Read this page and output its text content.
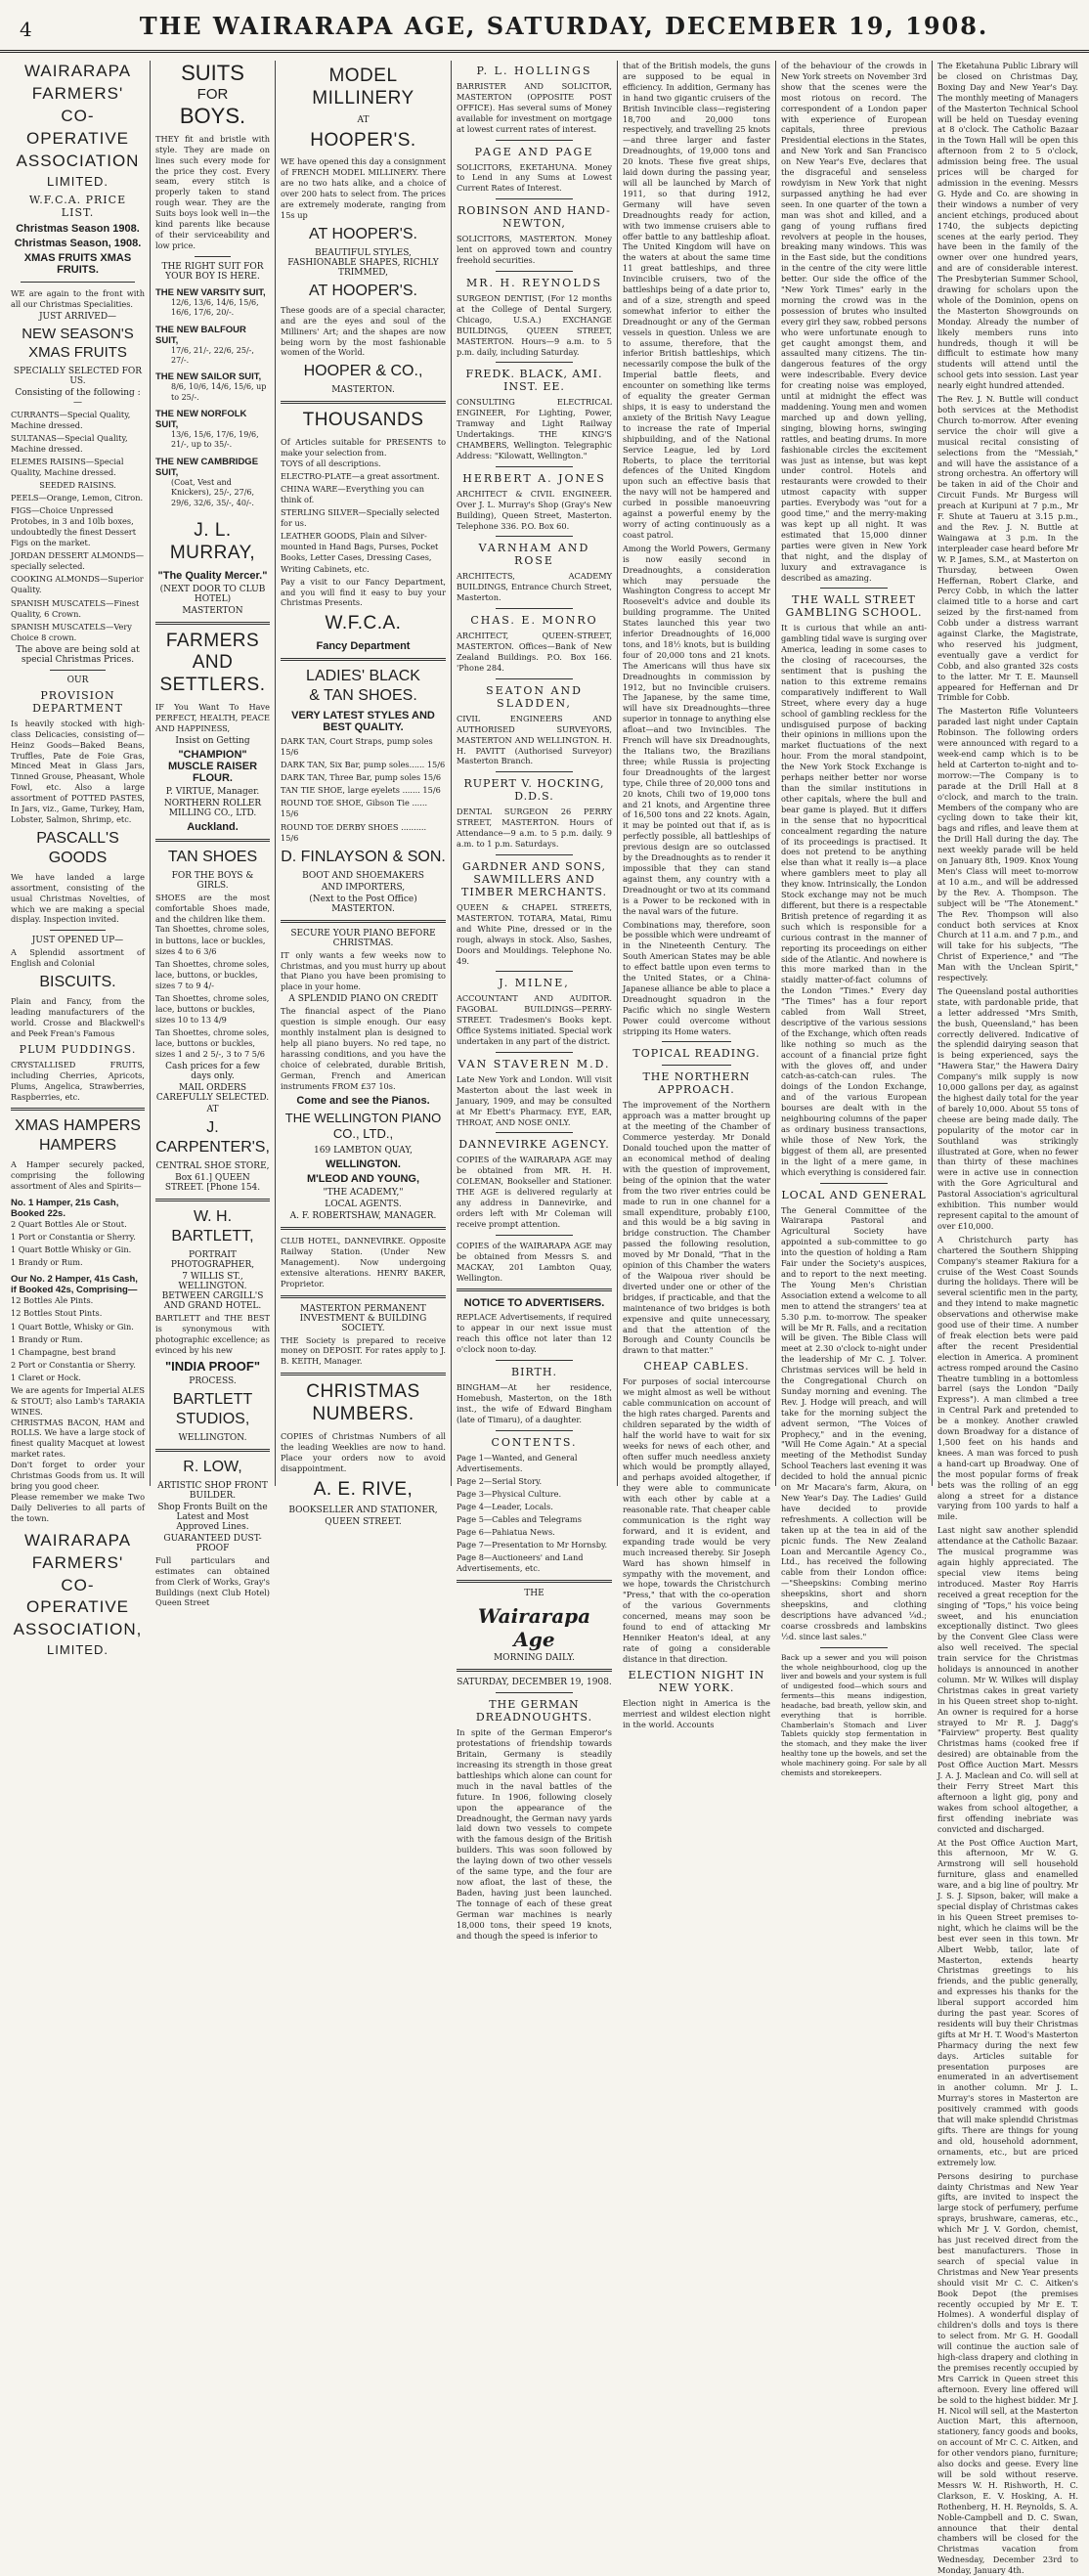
4	THE WAIRARAPA AGE, SATURDAY, DECEMBER 19, 1908.
WAIRARAPA
FARMERS'
CO-OPERATIVE
ASSOCIATION
LIMITED.
W.F.C.A. PRICE LIST.
Christmas Season 1908.
Christmas Season, 1908.
XMAS FRUITS XMAS FRUITS.
WE are again to the front with all our Christmas Specialities.
JUST ARRIVED—
NEW SEASON'S XMAS FRUITS
SPECIALLY SELECTED FOR US.
Consisting of the following :—
CURRANTS—Special Quality, Machine dressed.
SULTANAS—Special Quality, Machine dressed.
ELEMES RAISINS—Special Quality, Machine dressed.
SEEDED RAISINS.
PEELS—Orange, Lemon, Citron.
FIGS—Choice Unpressed Protobes, in 3 and 10lb boxes, undoubtedly the finest Dessert Figs on the market.
JORDAN DESSERT ALMONDS—specially selected.
COOKING ALMONDS—Superior Quality.
SPANISH MUSCATELS—Finest Quality, 6 Crown.
SPANISH MUSCATELS—Very Choice 8 crown.
The above are being sold at special Christmas Prices.
OUR
PROVISION DEPARTMENT
Is heavily stocked with high-class Delicacies, consisting of—Heinz Goods—Baked Beans, Truffles, Pate de Foie Gras, Minced Meat in Glass Jars, Tinned Grouse, Pheasant, Whole Fowl, etc. Also a large assortment of POTTED PASTES, In Jars, viz., Game, Turkey, Ham, Lobster, Salmon, Shrimp, etc.
PASCALL'S GOODS
We have landed a large assortment, consisting of the usual Christmas Novelties, of which we are making a special display. Inspection invited.
JUST OPENED UP—
A Splendid assortment of English and Colonial
BISCUITS.
Plain and Fancy, from the leading manufacturers of the world. Crosse and Blackwell's and Peek Frean's Famous
PLUM PUDDINGS.
CRYSTALLISED FRUITS, including Cherries, Apricots, Plums, Angelica, Strawberries, Raspberries, etc.
XMAS HAMPERS HAMPERS
A Hamper securely packed, comprising the following assortment of Ales and Spirits—
No. 1 Hamper, 21s Cash, Booked 22s.
2 Quart Bottles Ale or Stout.
1 Port or Constantia or Sherry.
1 Quart Bottle Whisky or Gin.
1 Brandy or Rum.
Our No. 2 Hamper, 41s Cash, if Booked 42s, Comprising—
12 Bottles Ale Pints.
12 Bottles Stout Pints.
1 Quart Bottle, Whisky or Gin.
1 Brandy or Rum.
1 Champagne, best brand
2 Port or Constantia or Sherry.
1 Claret or Hock.
We are agents for Imperial ALES & STOUT; also Lamb's TARAKIA WINES.
CHRISTMAS BACON, HAM and ROLLS. We have a large stock of finest quality Macquet at lowest market rates.
Don't forget to order your Christmas Goods from us. It will bring you good cheer.
Please remember we make Two Daily Deliveries to all parts of the town.
WAIRARAPA
FARMERS'
CO-OPERATIVE
ASSOCIATION,
LIMITED.
SUITS
FOR
BOYS.
THEY fit and bristle with style. They are made on lines such every mode for the price they cost. Every seam, every stitch is properly taken to stand rough wear. They are the Suits boys look well in—the kind parents like because of their serviceability and low price.
THE RIGHT SUIT FOR YOUR BOY IS HERE.
THE NEW VARSITY SUIT,
12/6, 13/6, 14/6, 15/6, 16/6, 17/6, 20/-.
THE NEW BALFOUR SUIT,
17/6, 21/-, 22/6, 25/-, 27/-.
THE NEW SAILOR SUIT,
8/6, 10/6, 14/6, 15/6, up to 25/-.
THE NEW NORFOLK SUIT,
13/6, 15/6, 17/6, 19/6, 21/-, up to 35/-.
THE NEW CAMBRIDGE SUIT,
(Coat, Vest and Knickers), 25/-, 27/6, 29/6, 32/6, 35/-, 40/-.
J. L. MURRAY,
"The Quality Mercer."
(NEXT DOOR TO CLUB HOTEL)
MASTERTON
FARMERS AND
SETTLERS.
IF You Want To Have PERFECT, HEALTH, PEACE AND HAPPINESS,
Insist on Getting
"CHAMPION" MUSCLE RAISER FLOUR.
P. VIRTUE, Manager.
NORTHERN ROLLER MILLING CO., LTD.
Auckland.
TAN SHOES
FOR THE BOYS & GIRLS.
SHOES are the most comfortable Shoes made, and the children like them.
Tan Shoettes, chrome soles, in buttons, lace or buckles, sizes 4 to 6 3/6
Tan Shoettes, chrome soles, lace, buttons, or buckles, sizes 7 to 9 4/-
Tan Shoettes, chrome soles, lace, buttons or buckles, sizes 10 to 13 4/9
Tan Shoettes, chrome soles, lace, buttons or buckles, sizes 1 and 2 5/-, 3 to 7 5/6
Cash prices for a few days only.
MAIL ORDERS CAREFULLY SELECTED.
AT
J. CARPENTER'S,
CENTRAL SHOE STORE,
Box 61.] QUEEN STREET. [Phone 154.
W. H. BARTLETT,
PORTRAIT PHOTOGRAPHER,
7 WILLIS ST., WELLINGTON. BETWEEN CARGILL'S AND GRAND HOTEL.
BARTLETT and THE BEST is synonymous with photographic excellence; as evinced by his new
"INDIA PROOF"
PROCESS.
BARTLETT
STUDIOS,
WELLINGTON.
R. LOW,
ARTISTIC SHOP FRONT BUILDER.
Shop Fronts Built on the Latest and Most Approved Lines.
GUARANTEED DUST-PROOF
Full particulars and estimates can obtained from Clerk of Works, Gray's Buildings (next Club Hotel) Queen Street
MODEL MILLINERY
AT
HOOPER'S.
WE have opened this day a consignment of FRENCH MODEL MILLINERY. There are no two hats alike, and a choice of over 200 hats to select from. The prices are extremely moderate, ranging from 15s up
AT HOOPER'S.
BEAUTIFUL STYLES, FASHIONABLE SHAPES, RICHLY TRIMMED,
AT HOOPER'S.
These goods are of a special character, and are the eyes and soul of the Milliners' Art; and the shapes are now being worn by the most fashionable women of the World.
HOOPER & CO.,
MASTERTON.
THOUSANDS
Of Articles suitable for PRESENTS to make your selection from.
TOYS of all descriptions.
ELECTRO-PLATE—a great assortment.
CHINA WARE—Everything you can think of.
STERLING SILVER—Specially selected for us.
LEATHER GOODS, Plain and Silver-mounted in Hand Bags, Purses, Pocket Books, Letter Cases, Dressing Cases, Writing Cabinets, etc.
Pay a visit to our Fancy Department, and you will find it easy to buy your Christmas Presents.
W.F.C.A.
Fancy Department
LADIES' BLACK
& TAN SHOES.
VERY LATEST STYLES AND BEST QUALITY.
DARK TAN, Court Straps, pump soles 15/6
DARK TAN, Six Bar, pump soles...... 15/6
DARK TAN, Three Bar, pump soles 15/6
TAN TIE SHOE, large eyelets ....... 15/6
ROUND TOE SHOE, Gibson Tie ...... 15/6
ROUND TOE DERBY SHOES .......... 15/6
D. FINLAYSON & SON.
BOOT AND SHOEMAKERS
AND IMPORTERS,
(Next to the Post Office) MASTERTON.
SECURE YOUR PIANO BEFORE CHRISTMAS.
IT only wants a few weeks now to Christmas, and you must hurry up about that Piano you have been promising to place in your home.
A SPLENDID PIANO ON CREDIT
The financial aspect of the Piano question is simple enough. Our easy monthly instalment plan is designed to help all piano buyers. No red tape, no harassing conditions, and you have the choice of celebrated, durable British, German, French and American instruments FROM £37 10s.
Come and see the Pianos.
THE WELLINGTON PIANO CO., LTD.,
169 LAMBTON QUAY,
WELLINGTON.
M'LEOD AND YOUNG,
"THE ACADEMY,"
LOCAL AGENTS.
A. F. ROBERTSHAW, MANAGER.
CLUB HOTEL, DANNEVIRKE. Opposite Railway Station. (Under New Management). Now undergoing extensive alterations. HENRY BAKER, Proprietor.
MASTERTON PERMANENT INVESTMENT & BUILDING SOCIETY.
THE Society is prepared to receive money on DEPOSIT. For rates apply to J. B. KEITH, Manager.
CHRISTMAS
NUMBERS.
COPIES of Christmas Numbers of all the leading Weeklies are now to hand. Place your orders now to avoid disappointment.
A. E. RIVE,
BOOKSELLER AND STATIONER,
QUEEN STREET.
P. L. HOLLINGS
BARRISTER AND SOLICITOR, MASTERTON (OPPOSITE POST OFFICE). Has several sums of Money available for investment on mortgage at lowest current rates of interest.
PAGE AND PAGE
SOLICITORS, EKETAHUNA. Money to Lend in any Sums at Lowest Current Rates of Interest.
ROBINSON AND HAND-NEWTON,
SOLICITORS, MASTERTON. Money lent on approved town and country freehold securities.
MR. H. REYNOLDS
SURGEON DENTIST, (For 12 months at the College of Dental Surgery, Chicago, U.S.A.) EXCHANGE BUILDINGS, QUEEN STREET, MASTERTON. Hours—9 a.m. to 5 p.m. daily, including Saturday.
FREDK. BLACK, AMI. INST. EE.
CONSULTING ELECTRICAL ENGINEER, For Lighting, Power, Tramway and Light Railway Undertakings. THE KING'S CHAMBERS, Wellington. Telegraphic Address: "Kilowatt, Wellington."
HERBERT A. JONES
ARCHITECT & CIVIL ENGINEER. Over J. L. Murray's Shop (Gray's New Building), Queen Street, Masterton. Telephone 336. P.O. Box 60.
VARNHAM AND ROSE
ARCHITECTS, ACADEMY BUILDINGS, Entrance Church Street, Masterton.
CHAS. E. MONRO
ARCHITECT, QUEEN-STREET, MASTERTON. Offices—Bank of New Zealand Buildings. P.O. Box 166. 'Phone 284.
SEATON AND SLADDEN,
CIVIL ENGINEERS AND AUTHORISED SURVEYORS, MASTERTON AND WELLINGTON. H. H. PAVITT (Authorised Surveyor) Masterton Branch.
RUPERT V. HOCKING, D.D.S.
DENTAL SURGEON 26 PERRY STREET, MASTERTON. Hours of Attendance—9 a.m. to 5 p.m. daily. 9 a.m. to 1 p.m. Saturdays.
GARDNER AND SONS, SAWMILLERS AND TIMBER MERCHANTS.
QUEEN & CHAPEL STREETS, MASTERTON. TOTARA, Matai, Rimu and White Pine, dressed or in the rough, always in stock. Also, Sashes, Doors and Mouldings. Telephone No. 49.
J. MILNE,
ACCOUNTANT AND AUDITOR. FAGOBAL BUILDINGS—PERRY-STREET. Tradesmen's Books kept. Office Systems initiated. Special work undertaken in any part of the district.
VAN STAVEREN M.D.
Late New York and London. Will visit Masterton about the last week in January, 1909, and may be consulted at Mr Ebett's Pharmacy. EYE, EAR, THROAT, AND NOSE ONLY.
DANNEVIRKE AGENCY.
COPIES of the WAIRARAPA AGE may be obtained from MR. H. H. COLEMAN, Bookseller and Stationer. THE AGE is delivered regularly at any address in Dannevirke, and orders left with Mr Coleman will receive prompt attention.
COPIES of the WAIRARAPA AGE may be obtained from Messrs S. and MACKAY, 201 Lambton Quay, Wellington.
NOTICE TO ADVERTISERS.
REPLACE Advertisements, if required to appear in our next issue must reach this office not later than 12 o'clock noon to-day.
BIRTH.
BINGHAM—At her residence, Homebush, Masterton, on the 18th inst., the wife of Edward Bingham (late of Timaru), of a daughter.
CONTENTS.
Page 1—Wanted, and General Advertisements.
Page 2—Serial Story.
Page 3—Physical Culture.
Page 4—Leader, Locals.
Page 5—Cables and Telegrams
Page 6—Pahiatua News.
Page 7—Presentation to Mr Hornsby.
Page 8—Auctioneers' and Land Advertisements, etc.
THE
Wairarapa Age
MORNING DAILY.
SATURDAY, DECEMBER 19, 1908.
THE GERMAN DREADNOUGHTS.
In spite of the German Emperor's protestations of friendship towards Britain, Germany is steadily increasing its strength in those great battleships which alone can count for much in the naval battles of the future. In 1906, following closely upon the appearance of the Dreadnought, the German navy yards laid down two vessels to compete with the famous design of the British builders. This was soon followed by the laying down of two other vessels of the same type, and the four are now afloat, the last of these, the Baden, having just been launched. The tonnage of each of these great German war machines is nearly 18,000 tons, their speed 19 knots, and though the speed is inferior to
that of the British models, the guns are supposed to be equal in efficiency. In addition, Germany has in hand two gigantic cruisers of the British Invincible class—registering 18,700 and 20,000 tons respectively, and travelling 25 knots—and three larger and faster Dreadnoughts, of 19,000 tons and 20 knots. These five great ships, laid down during the passing year, will all be launched by March of 1911, so that during 1912, Germany will have seven Dreadnoughts ready for action, with two immense cruisers able to offer battle to any battleship afloat. The United Kingdom will have on the waters at about the same time 11 great battleships, and three Invincible cruisers, two of the battleships being of a date prior to, and of a size, strength and speed somewhat inferior to either the Dreadnought or any of the German vessels in question. Unless we are to assume, therefore, that the inferior British battleships, which necessarily compose the bulk of the Imperial battle fleets, and encounter on something like terms of equality the greater German ships, it is easy to understand the anxiety of the British Navy League to increase the rate of Imperial shipbuilding, and of the National Service League, led by Lord Roberts, to place the territorial defences of the United Kingdom upon such an effective basis that the navy will not be hampered and curbed in possible manoeuvring against a powerful enemy by the worry of acting continuously as a coast patrol.
Among the World Powers, Germany is now easily second in Dreadnoughts, a consideration which may persuade the Washington Congress to accept Mr Roosevelt's advice and double its building programme. The United States launched this year two inferior Dreadnoughts of 16,000 tons, and 18½ knots, but is building four of 20,000 tons and 21 knots. The Americans will thus have six Dreadnoughts in commission by 1912, but no Invincible cruisers. The Japanese, by the same time, will have six Dreadnoughts—three superior in tonnage to anything else afloat—and two Invincibles. The French will have six Dreadnoughts, the Italians two, the Brazilians three; while Russia is projecting four Dreadnoughts of the largest type, Chile three of 20,000 tons and 20 knots, Chili two of 19,000 tons and 21 knots, and Argentine three of 16,500 tons and 22 knots. Again, it may be pointed out that if, as is perfectly possible, all battleships of previous design are so outclassed by the Dreadnoughts as to render it impossible that they can stand against them, any country with a Dreadnought or two at its command is a Power to be reckoned with in the naval wars of the future.
Combinations may, therefore, soon be possible which were undreamt of in the Nineteenth Century. The South American States may be able to effect battle upon even terms to the United States, or a China-Japanese alliance be able to place a Dreadnought squadron in the Pacific which no single Western Power could overcome without stripping its Home waters.
TOPICAL READING.
THE NORTHERN APPROACH.
The improvement of the Northern approach was a matter brought up at the meeting of the Chamber of Commerce yesterday. Mr Donald Donald touched upon the matter of an economical method of dealing with the question of improvement, being of the opinion that the water from the two river entries could be made to run in one channel for a small expenditure, probably £100, and this would be a big saving in bridge construction. The Chamber passed the following resolution, moved by Mr Donald, "That in the opinion of this Chamber the waters of the Waipoua river should be diverted under one or other of the bridges, if practicable, and that the maintenance of two bridges is both expensive and quite unnecessary, and that the attention of the Borough and County Councils be drawn to that matter."
CHEAP CABLES.
For purposes of social intercourse we might almost as well be without cable communication on account of the high rates charged. Parents and children separated by the width of half the world have to wait for six weeks for news of each other, and often suffer much needless anxiety which would be promptly allayed, and perhaps avoided altogether, if they were able to communicate with each other by cable at a reasonable rate. That cheaper cable communication is the right way forward, and it is evident, and expanding trade would be very much increased thereby. Sir Joseph Ward has shown himself in sympathy with the movement, and we hope, towards the Christchurch "Press," that with the co-operation of the various Governments concerned, means may soon be found to end of attacking Mr Henniker Heaton's ideal, at any rate of going a considerable distance in that direction.
ELECTION NIGHT IN NEW YORK.
Election night in America is the merriest and wildest election night in the world. Accounts
of the behaviour of the crowds in New York streets on November 3rd show that the scenes were the most riotous on record. The correspondent of a London paper with experience of European capitals, three previous Presidential elections in the States, and New York and San Francisco on New Year's Eve, declares that the disgraceful and senseless rowdyism in New York that night surpassed anything he had ever seen. In one quarter of the town a man was shot and killed, and a gang of young ruffians fired revolvers at people in the houses, breaking many windows. This was in the East side, but the conditions in the centre of the city were little better. Our side the office of the "New York Times" early in the morning the crowd was in the possession of brutes who insulted every girl they saw, robbed persons who were unfortunate enough to get caught amongst them, and assaulted many citizens. The tin-dangerous features of the orgy were indescribable. Every device for creating noise was employed, until at midnight the effect was maddening. Young men and women marched up and down yelling, singing, blowing horns, swinging rattles, and beating drums. In more fashionable circles the excitement was just as intense, but was kept under control. Hotels and restaurants were crowded to their utmost capacity with supper parties. Everybody was "out for a good time," and the merry-making was kept up all night. It was estimated that 15,000 dinner parties were given in New York that night, and the display of luxury and extravagance is described as amazing.
THE WALL STREET GAMBLING SCHOOL.
It is curious that while an anti-gambling tidal wave is surging over America, leading in some cases to the closing of racecourses, the sentiment that is pushing the nation to this extreme remains comparatively indifferent to Wall Street, where every day a huge school of gambling reckless for the undisguised purpose of backing their opinions in millions upon the market fluctuations of the next hour. From the moral standpoint, the New York Stock Exchange is perhaps neither better nor worse than the similar institutions in other capitals, where the bull and bear game is played. But it differs in the sense that no hypocritical concealment regarding the nature of its proceedings is practised. It does not pretend to be anything else than what it really is—a place where gamblers meet to play all they know. Intrinsically, the London Stock exchange may not be much different, but there is a respectable British pretence of regarding it as such which is responsible for a curious contrast in the manner of reporting its proceedings on either side of the Atlantic. And nowhere is this more marked than in the staidly matter-of-fact columns of the London "Times." Every day "The Times" has a four report cabled from Wall Street, descriptive of the various sessions of the Exchange, which often reads like nothing so much as the account of a financial prize fight with the gloves off, and under catch-as-catch-can rules. The doings of the London Exchange, and of the various European bourses are dealt with in the neighbouring columns of the paper as ordinary business transactions, while those of New York, the biggest of them all, are presented in the light of a mere game, in which everything is considered fair.
LOCAL AND GENERAL
The General Committee of the Wairarapa Pastoral and Agricultural Society have appointed a sub-committee to go into the question of holding a Ram Fair under the Society's auspices, and to report to the next meeting. The Young Men's Christian Association extend a welcome to all men to attend the strangers' tea at 5.30 p.m. to-morrow. The speaker will be Mr R. Falls, and a recitation will be given. The Bible Class will meet at 2.30 o'clock to-night under the leadership of Mr C. J. Tolver. Christmas services will be held in the Congregational Church on Sunday morning and evening. The Rev. J. Hodge will preach, and will take for the morning subject the advent sermon, "The Voices of Prophecy," and in the evening, "Will He Come Again." At a special meeting of the Methodist Sunday School Teachers last evening it was decided to hold the annual picnic on Mr Macara's farm, Akura, on New Year's Day. The Ladies' Guild have decided to provide refreshments. A collection will be taken up at the tea in aid of the picnic funds. The New Zealand Loan and Mercantile Agency Co., Ltd., has received the following cable from their London office:—"Sheepskins: Combing merino sheepskins, short and shorn sheepskins, and clothing descriptions have advanced ¼d.; coarse crossbreds and lambskins ½d. since last sales."
Back up a sewer and you will poison the whole neighbourhood, clog up the liver and bowels and your system is full of undigested food—which sours and ferments—this means indigestion, headache, bad breath, yellow skin, and everything that is horrible. Chamberlain's Stomach and Liver Tablets quickly stop fermentation in the stomach, and they make the liver healthy tone up the bowels, and set the whole machinery going. For sale by all chemists and storekeepers.
The Eketahuna Public Library will be closed on Christmas Day, Boxing Day and New Year's Day. The monthly meeting of Managers of the Masterton Technical School will be held on Tuesday evening at 8 o'clock. The Catholic Bazaar in the Town Hall will be open this afternoon from 2 to 5 o'clock, admission being free. The usual prices will be charged for admission in the evening. Messrs G. Hyde and Co. are showing in their windows a number of very ancient etchings, produced about 1740, the subjects depicting scenes at the early period. They have been in the family of the owner over one hundred years, and are of considerable interest. The Presbyterian Summer School, drawing for scholars upon the whole of the Dominion, opens on the Masterton Showgrounds on Monday. Already the number of likely members runs into hundreds, though it will be difficult to estimate how many students will attend until the school gets into session. Last year nearly eight hundred attended.
The Rev. J. N. Buttle will conduct both services at the Methodist Church to-morrow. After evening service the choir will give a musical recital consisting of selections from the "Messiah," and will have the assistance of a strong orchestra. An offertory will be taken in aid of the Choir and Circuit Funds. Mr Burgess will preach at Kuripuni at 7 p.m., Mr F. Shute at Taueru at 3.15 p.m., and the Rev. J. N. Buttle at Waingawa at 3 p.m. In the interpleader case heard before Mr W. P. James, S.M., at Masterton on Thursday, between Owen Heffernan, Robert Clarke, and Percy Cobb, in which the latter claimed title to a horse and cart seized by the first-named from Cobb under a distress warrant against Clarke, the Magistrate, who reserved his judgment, eventually gave a verdict for Cobb, and also granted 32s costs to the latter. Mr T. E. Maunsell appeared for Heffernan and Dr Trimble for Cobb.
The Masterton Rifle Volunteers paraded last night under Captain Robinson. The following orders were announced with regard to a week-end camp which is to be held at Carterton to-night and to-morrow:—The Company is to parade at the Drill Hall at 8 o'clock, and march to the train. Members of the company who are cycling down to take their kit, bags and rifles, and leave them at the Drill Hall during the day. The next weekly parade will be held on January 8th, 1909. Knox Young Men's Class will meet to-morrow at 10 a.m., and will be addressed by the Rev. A. Thompson. The subject will be "The Atonement." The Rev. Thompson will also conduct both services at Knox Church at 11 a.m. and 7 p.m., and will take for his subjects, "The Christ of Experience," and "The Man with the Unclean Spirit," respectively.
The Queensland postal authorities state, with pardonable pride, that a letter addressed "Mrs Smith, the bush, Queensland," has been correctly delivered. Indicative of the splendid dairying season that is being experienced, says the "Hawera Star," the Hawera Dairy Company's milk supply is now 10,000 gallons per day, as against the highest daily total for the year of barely 10,000. About 55 tons of cheese are being made daily. The popularity of the motor car in Southland was strikingly illustrated at Gore, when no fewer than thirty of these machines were in active use in connection with the Gore Agricultural and Pastoral Association's agricultural exhibition. This number would represent capital to the amount of over £10,000.
A Christchurch party has chartered the Southern Shipping Company's steamer Rakiura for a cruise of the West Coast Sounds during the holidays. There will be several scientific men in the party, and they intend to make magnetic observations and otherwise make good use of their time. A number of freak election bets were paid after the recent Presidential election in America. A prominent actress romped around the Casino Theatre tumbling in a bottomless barrel (says the London "Daily Express"). A man climbed a tree in Central Park and pretended to be a monkey. Another crawled down Broadway for a distance of 1,500 feet on his hands and knees. A man was forced to push a hand-cart up Broadway. One of the most popular forms of freak bets was the rolling of an egg along a street for a distance varying from 100 yards to half a mile.
Last night saw another splendid attendance at the Catholic Bazaar. The musical programme was again highly appreciated. The special view items being introduced. Master Roy Harris received a great reception for the singing of "Tops," his voice being sweet, and his enunciation exceptionally distinct. Two glees by the Convent Glee Class were also well received. The special train service for the Christmas holidays is announced in another column. Mr W. Wilkes will display Christmas cakes in great variety in his Queen street shop to-night. An owner is required for a horse strayed to Mr R. J. Dagg's "Fairview" property. Best quality Christmas hams (cooked free if desired) are obtainable from the Post Office Auction Mart. Messrs J. A. J. Maclean and Co. will sell at their Ferry Street Mart this afternoon a light gig, pony and wakes from school altogether, a first offending inebriate was convicted and discharged.
At the Post Office Auction Mart, this afternoon, Mr W. G. Armstrong will sell household furniture, glass and enamelled ware, and a big line of poultry. Mr J. S. J. Sipson, baker, will make a special display of Christmas cakes in his Queen Street premises to-night, which he claims will be the best ever seen in this town. Mr Albert Webb, tailor, late of Masterton, extends hearty Christmas greetings to his friends, and the public generally, and expresses his thanks for the liberal support accorded him during the past year. Scores of residents will buy their Christmas gifts at Mr H. T. Wood's Masterton Pharmacy during the next few days. Articles suitable for presentation purposes are enumerated in an advertisement in another column. Mr J. L. Murray's stores in Masterton are positively crammed with goods that will make splendid Christmas gifts. There are things for young and old, household adornment, ornaments, etc., but are priced extremely low.
Persons desiring to purchase dainty Christmas and New Year gifts, are invited to inspect the large stock of perfumery, perfume sprays, brushware, cameras, etc., which Mr J. V. Gordon, chemist, has just received direct from the best manufacturers. Those in search of special value in Christmas and New Year presents should visit Mr C. C. Aitken's Book Depot (the premises recently occupied by Mr E. T. Holmes). A wonderful display of children's dolls and toys is there to select from. Mr G. H. Goodall will continue the auction sale of high-class drapery and clothing in the premises recently occupied by Mrs Carrick in Queen street this afternoon. Every line offered will be sold to the highest bidder. Mr J. H. Nicol will sell, at the Masterton Auction Mart, this afternoon, stationery, fancy goods and books, on account of Mr C. C. Aitken, and for other vendors piano, furniture; also docks and geese. Every line will be sold without reserve. Messrs W. H. Rishworth, H. C. Clarkson, E. V. Hosking, A. H. Rothenberg, H. H. Reynolds, S. A. Noble-Campbell and D. C. Swan, announce that their dental chambers will be closed for the Christmas vacation from Wednesday, December 23rd to Monday, January 4th.
